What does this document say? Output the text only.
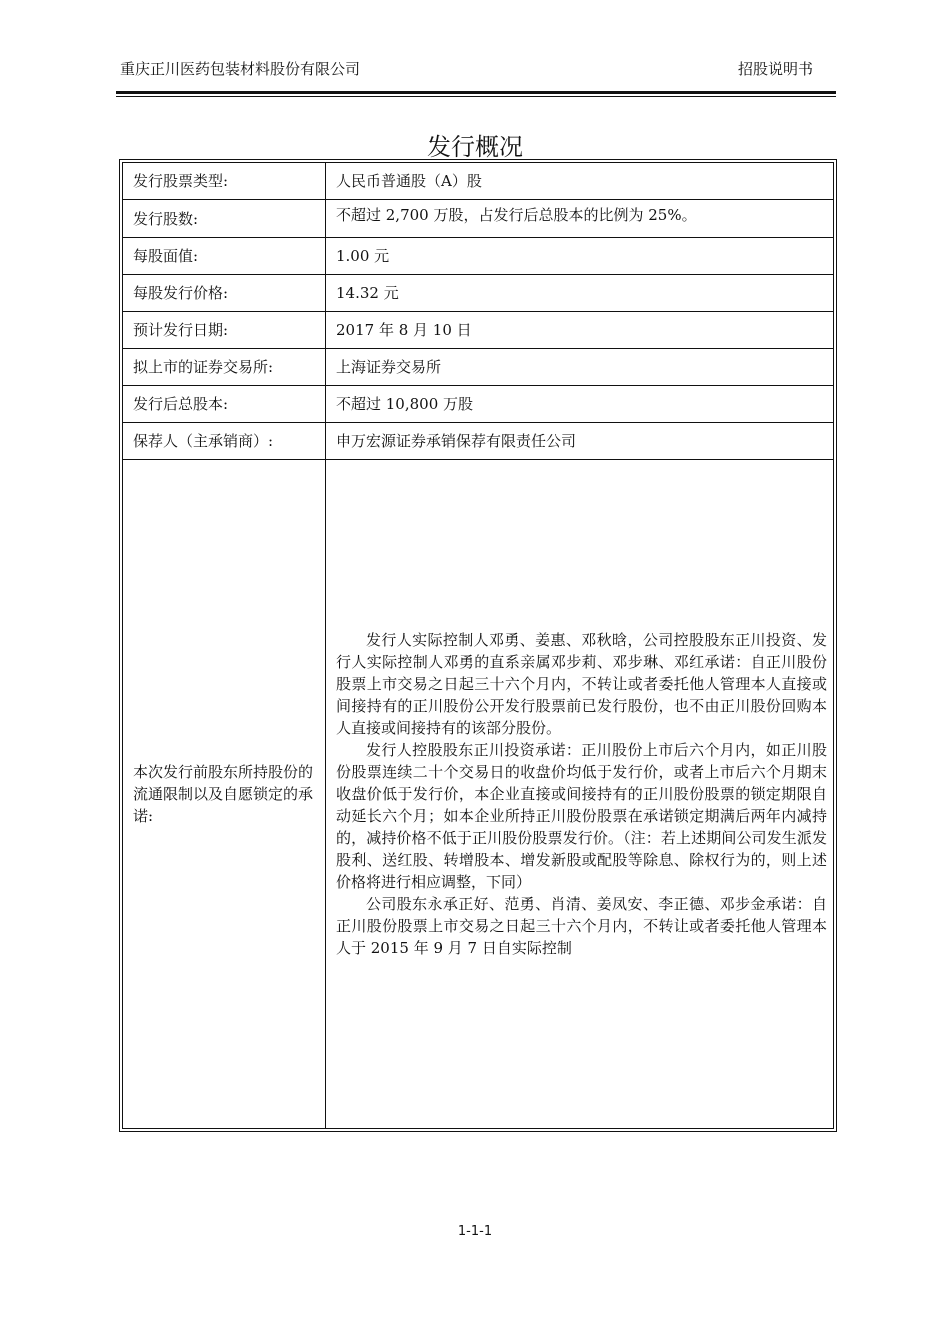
重庆正川医药包装材料股份有限公司	招股说明书
发行概况
发行股票类型:	人民币普通股（A）股
发行股数:	不超过 2,700 万股，占发行后总股本的比例为 25%。
每股面值:	1.00 元
每股发行价格:	14.32 元
预计发行日期:	2017 年 8 月 10 日
拟上市的证券交易所:	上海证券交易所
发行后总股本:	不超过 10,800 万股
保荐人（主承销商）:	申万宏源证券承销保荐有限责任公司
本次发行前股东所持股份的流通限制以及自愿锁定的承诺:	发行人实际控制人邓勇、姜惠、邓秋晗，公司控股股东正川投资、发行人实际控制人邓勇的直系亲属邓步莉、邓步琳、邓红承诺：自正川股份股票上市交易之日起三十六个月内，不转让或者委托他人管理本人直接或间接持有的正川股份公开发行股票前已发行股份，也不由正川股份回购本人直接或间接持有的该部分股份。

发行人控股股东正川投资承诺：正川股份上市后六个月内，如正川股份股票连续二十个交易日的收盘价均低于发行价，或者上市后六个月期末收盘价低于发行价，本企业直接或间接持有的正川股份股票的锁定期限自动延长六个月；如本企业所持正川股份股票在承诺锁定期满后两年内减持的，减持价格不低于正川股份股票发行价。（注：若上述期间公司发生派发股利、送红股、转增股本、增发新股或配股等除息、除权行为的，则上述价格将进行相应调整，下同）

公司股东永承正好、范勇、肖清、姜凤安、李正德、邓步金承诺：自正川股份股票上市交易之日起三十六个月内，不转让或者委托他人管理本人于 2015 年 9 月 7 日自实际控制

1-1-1
